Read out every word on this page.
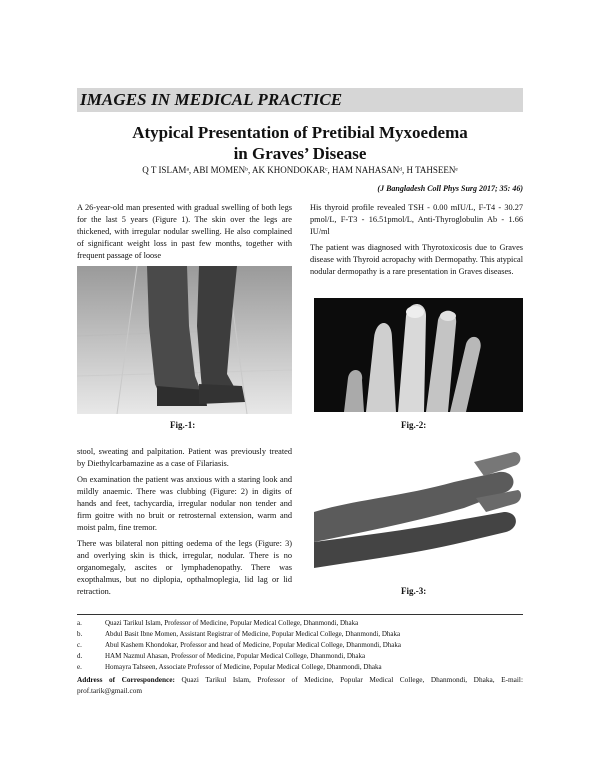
IMAGES IN MEDICAL PRACTICE
Atypical Presentation of Pretibial Myxoedema
in Graves’ Disease
Q T ISLAMᵃ, ABI MOMENᵇ, AK KHONDOKARᶜ, HAM NAHASANᵈ, H TAHSEENᵉ
(J Bangladesh Coll Phys Surg 2017; 35: 46)

A 26-year-old man presented with gradual swelling of both legs for the last 5 years (Figure 1). The skin over the legs are thickened, with irregular nodular swelling. He also complained of significant weight loss in past few months, together with frequent passage of loose

Fig.-1:

stool, sweating and palpitation. Patient was previously treated by Diethylcarbamazine as a case of Filariasis.

On examination the patient was anxious with a staring look and mildly anaemic. There was clubbing (Figure: 2) in digits of hands and feet, tachycardia, irregular nodular non tender and firm goitre with no bruit or retrosternal extension, warm and moist palm, fine tremor.

There was bilateral non pitting oedema of the legs (Figure: 3) and overlying skin is thick, irregular, nodular. There is no organomegaly, ascites or lymphadenopathy. There was exopthalmus, but no diplopia, opthalmoplegia, lid lag or lid retraction.

His thyroid profile revealed TSH - 0.00 mIU/L, F-T4 - 30.27 pmol/L, F-T3 - 16.51pmol/L, Anti-Thyroglobulin Ab - 1.66 IU/ml

The patient was diagnosed with Thyrotoxicosis due to Graves disease with Thyroid acropachy with Dermopathy. This atypical nodular dermopathy is a rare presentation in Graves diseases.

Fig.-2:
Fig.-3:
a.	Quazi Tarikul Islam, Professor of Medicine, Popular Medical College, Dhanmondi, Dhaka
b.	Abdul Basit Ibne Momen, Assistant Registrar of Medicine, Popular Medical College, Dhanmondi, Dhaka
c.	Abul Kashem Khondokar, Professor and head of Medicine, Popular Medical College, Dhanmondi, Dhaka
d.	HAM Nazmul Ahasan, Professor of Medicine, Popular Medical College, Dhanmondi, Dhaka
e.	Homayra Tahseen, Associate Professor of Medicine, Popular Medical College, Dhanmondi, Dhaka
Address of Correspondence: Quazi Tarikul Islam, Professor of Medicine, Popular Medical College, Dhanmondi, Dhaka, E-mail: prof.tarik@gmail.com
